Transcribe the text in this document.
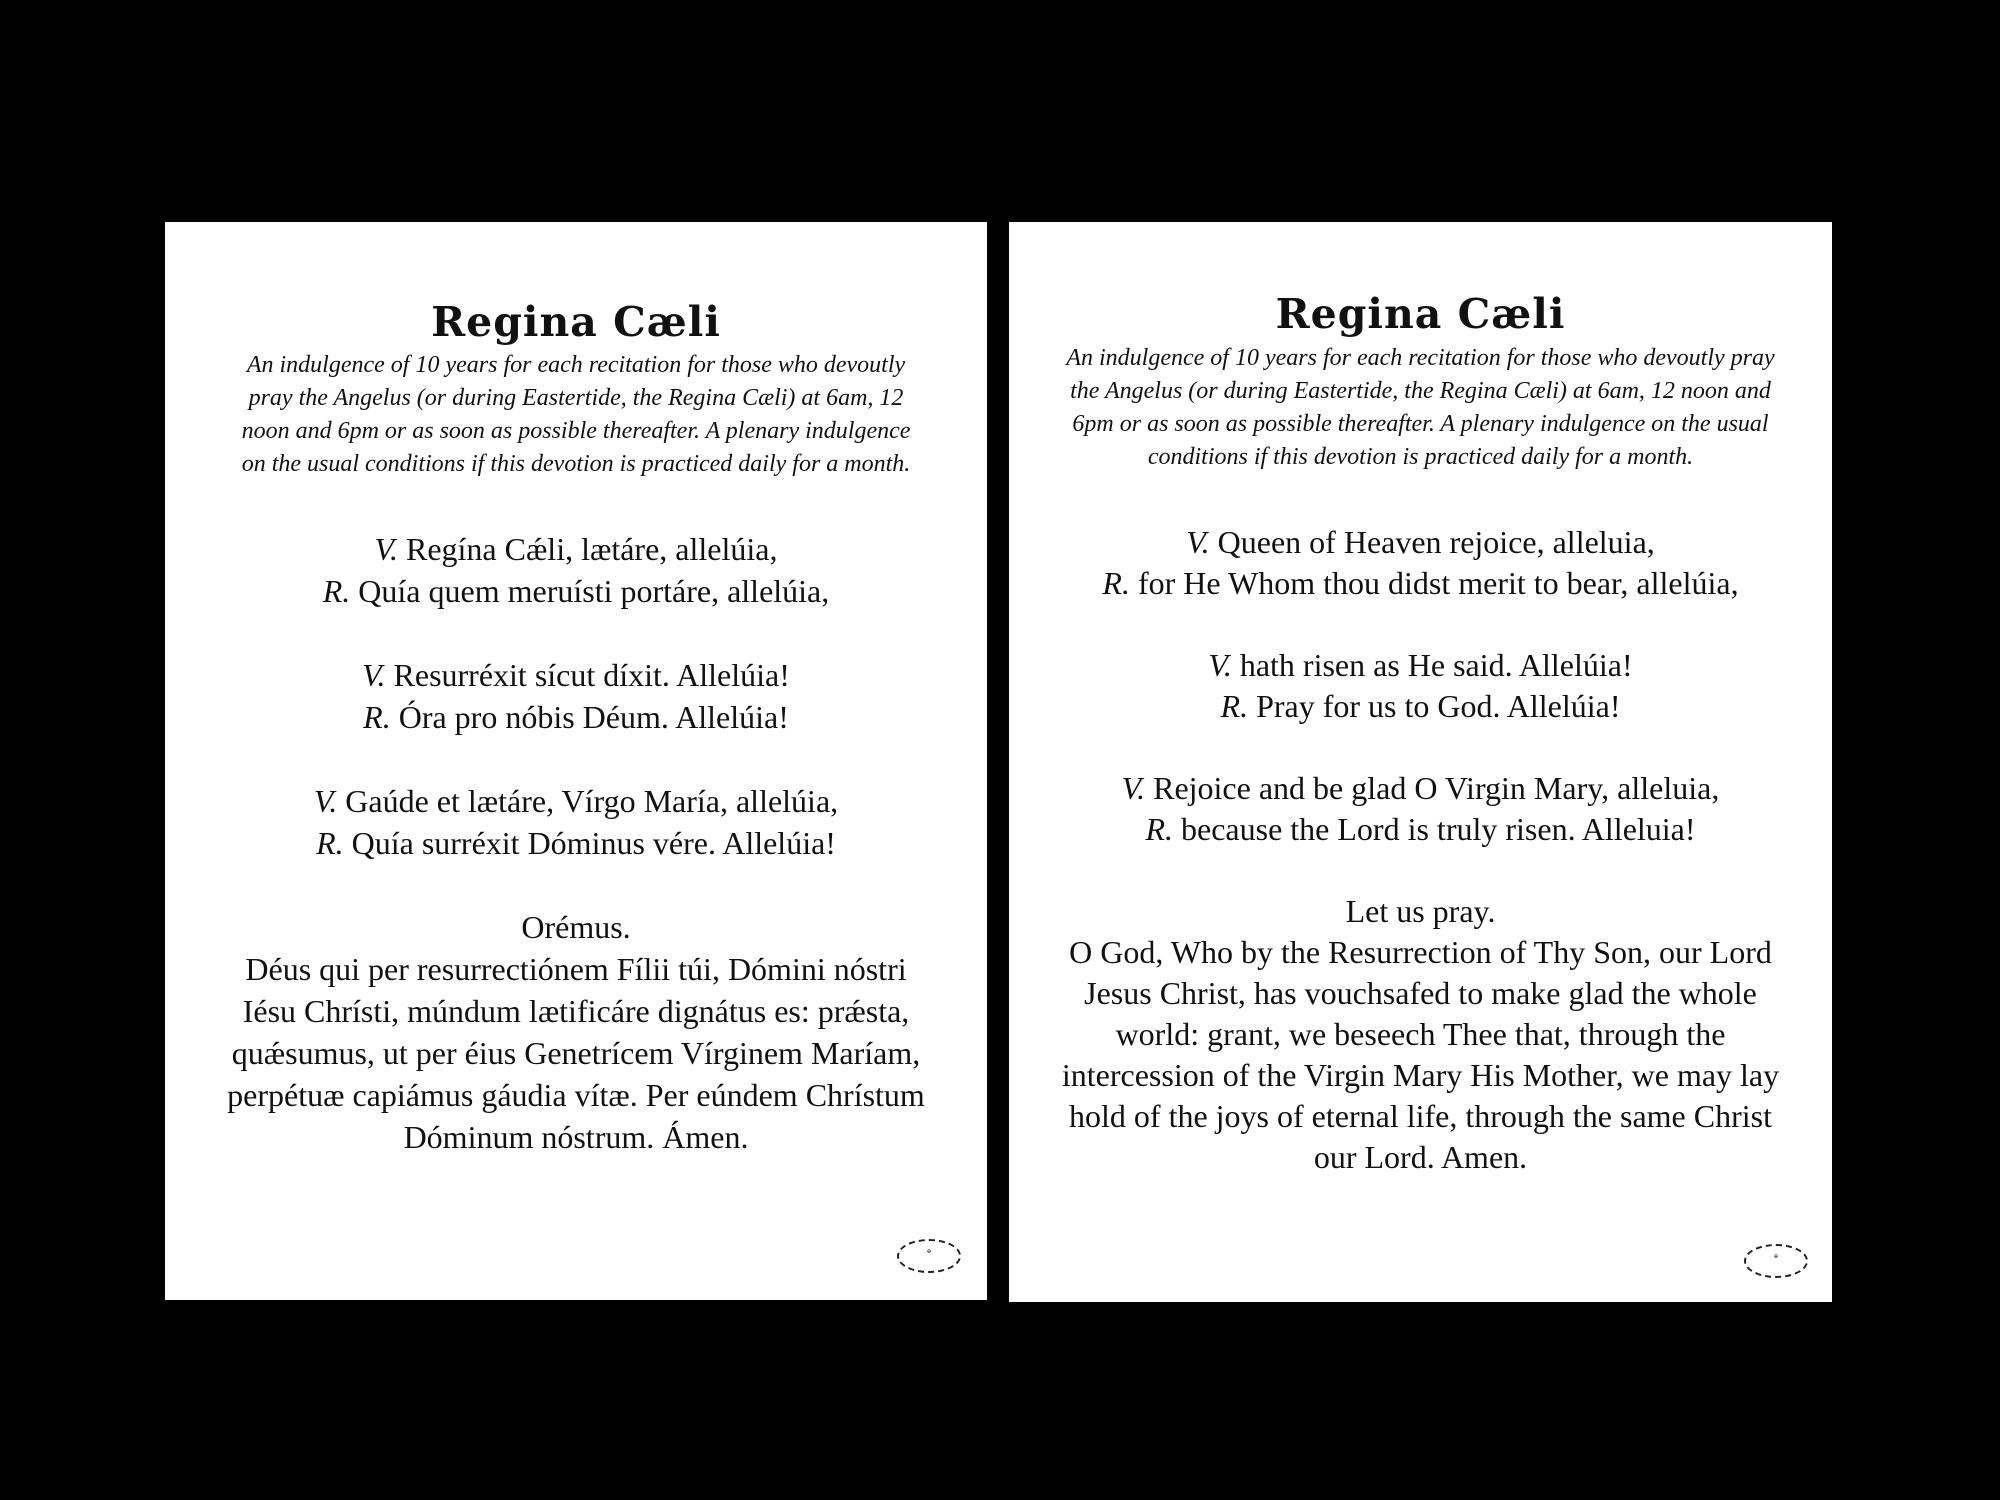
Regina Cæli
An indulgence of 10 years for each recitation for those who devoutly pray the Angelus (or during Eastertide, the Regina Cæli) at 6am, 12 noon and 6pm or as soon as possible thereafter. A plenary indulgence on the usual conditions if this devotion is practiced daily for a month.

V. Regína Cǽli, lætáre, allelúia,

R. Quía quem meruísti portáre, allelúia,

V. Resurréxit sícut díxit. Allelúia!

R. Óra pro nóbis Déum. Allelúia!

V. Gaúde et lætáre, Vírgo María, allelúia,

R. Quía surréxit Dóminus vére. Allelúia!

Orémus.

Déus qui per resurrectiónem Fílii túi, Dómini nóstri Iésu Chrísti, múndum lætificáre dignátus es: prǽsta, quǽsumus, ut per éius Genetrícem Vírginem Maríam, perpétuæ capiámus gáudia vítæ. Per eúndem Chrístum Dóminum nóstrum. Ámen.

✠
Regina Cæli
An indulgence of 10 years for each recitation for those who devoutly pray the Angelus (or during Eastertide, the Regina Cæli) at 6am, 12 noon and 6pm or as soon as possible thereafter. A plenary indulgence on the usual conditions if this devotion is practiced daily for a month.

V. Queen of Heaven rejoice, alleluia,

R. for He Whom thou didst merit to bear, allelúia,

V. hath risen as He said. Allelúia!

R. Pray for us to God. Allelúia!

V. Rejoice and be glad O Virgin Mary, alleluia,

R. because the Lord is truly risen. Alleluia!

Let us pray.

O God, Who by the Resurrection of Thy Son, our Lord Jesus Christ, has vouchsafed to make glad the whole world: grant, we beseech Thee that, through the intercession of the Virgin Mary His Mother, we may lay hold of the joys of eternal life, through the same Christ our Lord. Amen.

✠
